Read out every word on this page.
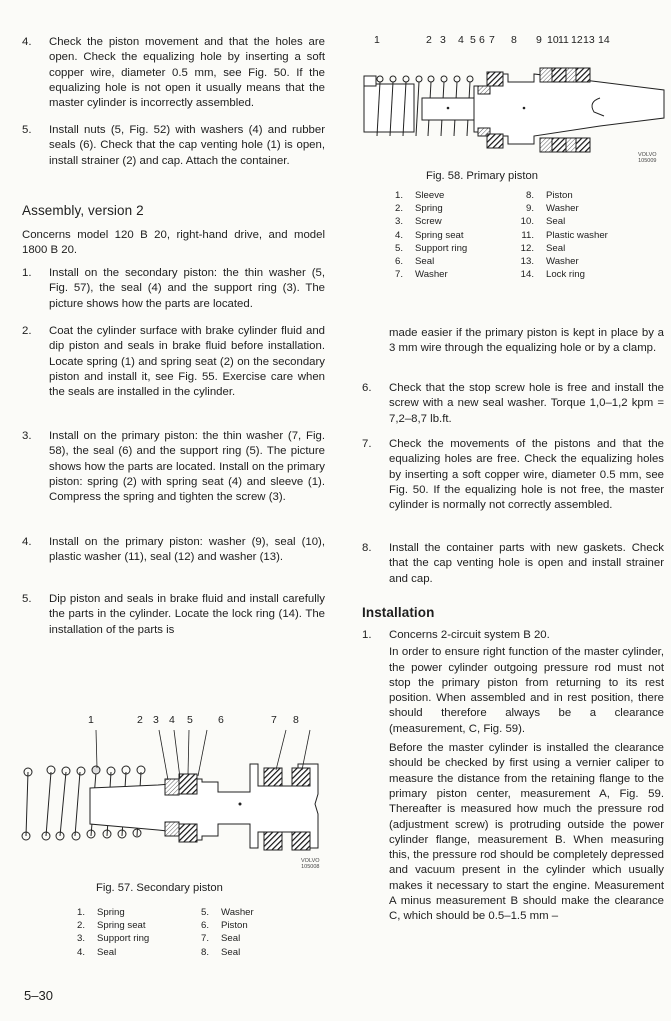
4. Check the piston movement and that the holes are open. Check the equalizing hole by inserting a soft copper wire, diameter 0.5 mm, see Fig. 50. If the equalizing hole is not open it usually means that the master cylinder is incorrectly assembled.

5. Install nuts (5, Fig. 52) with washers (4) and rubber seals (6). Check that the cap venting hole (1) is open, install strainer (2) and cap. Attach the container.

Assembly, version 2

Concerns model 120 B 20, right-hand drive, and model 1800 B 20.

1. Install on the secondary piston: the thin washer (5, Fig. 57), the seal (4) and the support ring (3). The picture shows how the parts are located.

2. Coat the cylinder surface with brake cylinder fluid and dip piston and seals in brake fluid before installation. Locate spring (1) and spring seat (2) on the secondary piston and install it, see Fig. 55. Exercise care when the seals are installed in the cylinder.

3. Install on the primary piston: the thin washer (7, Fig. 58), the seal (6) and the support ring (5). The picture shows how the parts are located. Install on the primary piston: spring (2) with spring seat (4) and sleeve (1). Compress the spring and tighten the screw (3).

4. Install on the primary piston: washer (9), seal (10), plastic washer (11), seal (12) and washer (13).

5. Dip piston and seals in brake fluid and install carefully the parts in the cylinder. Locate the lock ring (14). The installation of the parts is

1	2 3 4 5 6	7 8
VOLVO
105008
Fig. 57. Secondary piston
1. Spring
2. Spring seat
3. Support ring
4. Seal
5. Washer
6. Piston
7. Seal
8. Seal
1	2 3 4 5 6 7 8 9 10 11 12 13 14
VOLVO
105009
Fig. 58. Primary piston
1. Sleeve
2. Spring
3. Screw
4. Spring seat
5. Support ring
6. Seal
7. Washer
8. Piston
9. Washer
10. Seal
11. Plastic washer
12. Seal
13. Washer
14. Lock ring

made easier if the primary piston is kept in place by a 3 mm wire through the equalizing hole or by a clamp.

6. Check that the stop screw hole is free and install the screw with a new seal washer. Torque 1,0–1,2 kpm = 7,2–8,7 lb.ft.

7. Check the movements of the pistons and that the equalizing holes are free. Check the equalizing holes by inserting a soft copper wire, diameter 0.5 mm, see Fig. 50. If the equalizing hole is not free, the master cylinder is normally not correctly assembled.

8. Install the container parts with new gaskets. Check that the cap venting hole is open and install strainer and cap.

Installation
1. Concerns 2-circuit system B 20.

In order to ensure right function of the master cylinder, the power cylinder outgoing pressure rod must not stop the primary piston from returning to its rest position. When assembled and in rest position, there should therefore always be a clearance (measurement, C, Fig. 59).

Before the master cylinder is installed the clearance should be checked by first using a vernier caliper to measure the distance from the retaining flange to the primary piston center, measurement A, Fig. 59. Thereafter is measured how much the pressure rod (adjustment screw) is protruding outside the power cylinder flange, measurement B. When measuring this, the pressure rod should be completely depressed and vacuum present in the cylinder which usually makes it necessary to start the engine. Measurement A minus measurement B should make the clearance C, which should be 0.5–1.5 mm –

5–30
